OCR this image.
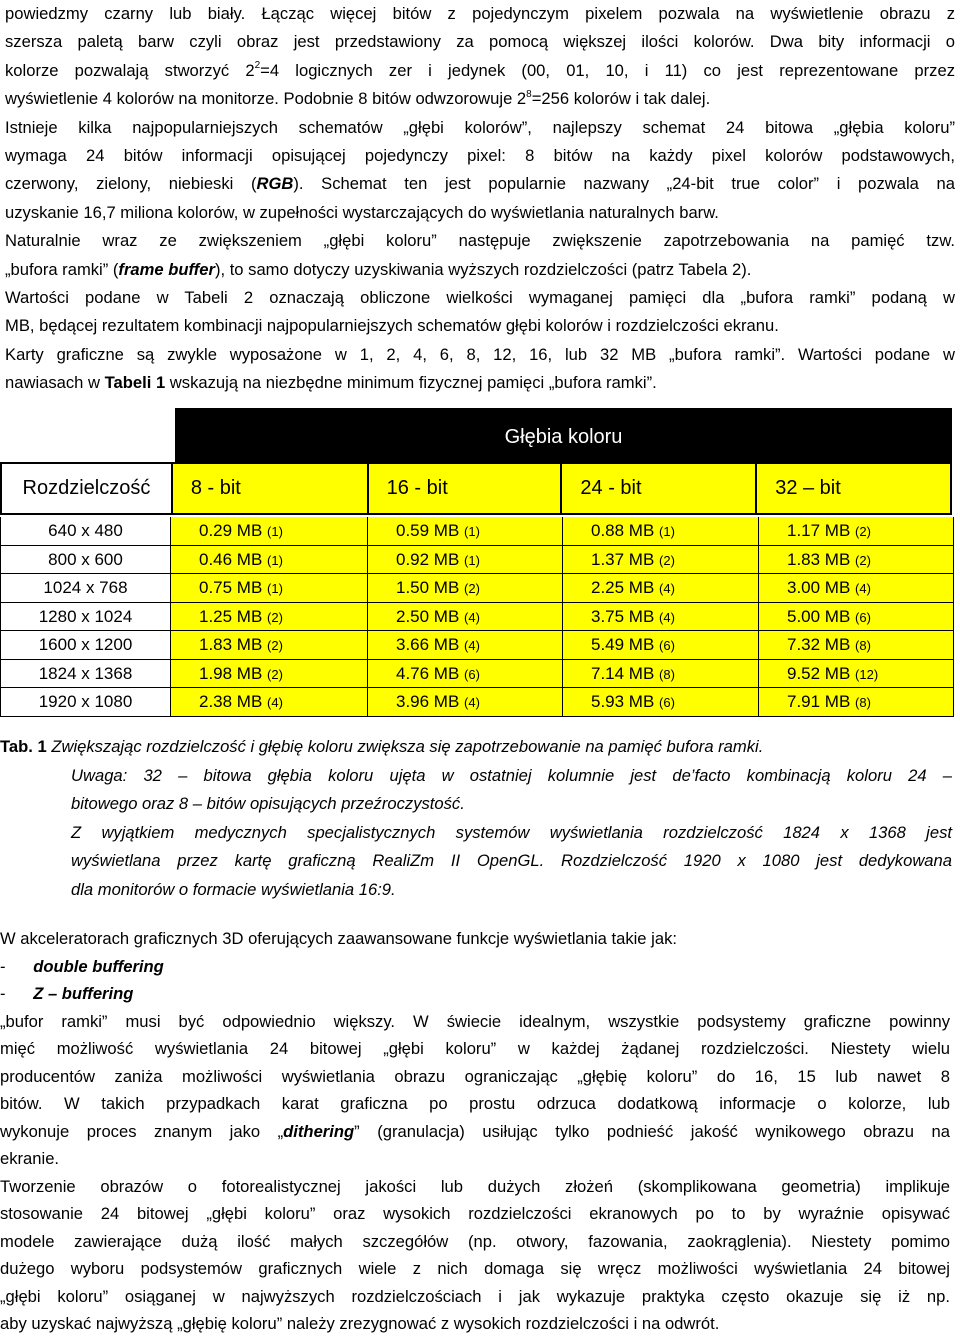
powiedzmy czarny lub biały. Łącząc więcej bitów z pojedynczym pixelem pozwala na wyświetlenie obrazu z
szersza paletą barw czyli obraz jest przedstawiony za pomocą większej ilości kolorów. Dwa bity informacji o
kolorze pozwalają stworzyć $2^2=4$ logicznych zer i jedynek (00, 01, 10, i 11) co jest reprezentowane przez
wyświetlenie 4 kolorów na monitorze. Podobnie 8 bitów odwzorowuje $2^8=256$ kolorów i tak dalej.

Istnieje kilka najpopularniejszych schematów „głębi kolorów”, najlepszy schemat 24 bitowa „głębia koloru”
wymaga 24 bitów informacji opisującej pojedynczy pixel: 8 bitów na każdy pixel kolorów podstawowych,
czerwony, zielony, niebieski (RGB). Schemat ten jest popularnie nazwany „24-bit true color” i pozwala na
uzyskanie 16,7 miliona kolorów, w zupełności wystarczających do wyświetlania naturalnych barw.

Naturalnie wraz ze zwiększeniem „głębi koloru” następuje zwiększenie zapotrzebowania na pamięć tzw.
„bufora ramki” (frame buffer), to samo dotyczy uzyskiwania wyższych rozdzielczości (patrz Tabela 2).

Wartości podane w Tabeli 2 oznaczają obliczone wielkości wymaganej pamięci dla „bufora ramki” podaną w
MB, będącej rezultatem kombinacji najpopularniejszych schematów głębi kolorów i rozdzielczości ekranu.

Karty graficzne są zwykle wyposażone w 1, 2, 4, 6, 8, 12, 16, lub 32 MB „bufora ramki”. Wartości podane w
nawiasach w Tabeli 1 wskazują na niezbędne minimum fizycznej pamięci „bufora ramki”.

Głębia koloru
Rozdzielczość	8 - bit	16 - bit	24 - bit	32 – bit
640 x 480	0.29 MB (1)	0.59 MB (1)	0.88 MB (1)	1.17 MB (2)
800 x 600	0.46 MB (1)	0.92 MB (1)	1.37 MB (2)	1.83 MB (2)
1024 x 768	0.75 MB (1)	1.50 MB (2)	2.25 MB (4)	3.00 MB (4)
1280 x 1024	1.25 MB (2)	2.50 MB (4)	3.75 MB (4)	5.00 MB (6)
1600 x 1200	1.83 MB (2)	3.66 MB (4)	5.49 MB (6)	7.32 MB (8)
1824 x 1368	1.98 MB (2)	4.76 MB (6)	7.14 MB (8)	9.52 MB (12)
1920 x 1080	2.38 MB (4)	3.96 MB (4)	5.93 MB (6)	7.91 MB (8)

Tab. 1 Zwiększając rozdzielczość i głębię koloru zwiększa się zapotrzebowanie na pamięć bufora ramki.

Uwaga: 32 – bitowa głębia koloru ujęta w ostatniej kolumnie jest de’facto kombinacją koloru 24 –
bitowego oraz 8 – bitów opisujących przeźroczystość.
Z wyjątkiem medycznych specjalistycznych systemów wyświetlania rozdzielczość 1824 x 1368 jest
wyświetlana przez kartę graficzną RealiZm II OpenGL. Rozdzielczość 1920 x 1080 jest dedykowana
dla monitorów o formacie wyświetlania 16:9.

W akceleratorach graficznych 3D oferujących zaawansowane funkcje wyświetlania takie jak:

- double buffering

- Z – buffering

„bufor ramki” musi być odpowiednio większy. W świecie idealnym, wszystkie podsystemy graficzne powinny
mięć możliwość wyświetlania 24 bitowej „głębi koloru” w każdej żądanej rozdzielczości. Niestety wielu
producentów zaniża możliwości wyświetlania obrazu ograniczając „głębię koloru” do 16, 15 lub nawet 8
bitów. W takich przypadkach karat graficzna po prostu odrzuca dodatkową informacje o kolorze, lub
wykonuje proces znanym jako „dithering” (granulacja) usiłując tylko podnieść jakość wynikowego obrazu na
ekranie.

Tworzenie obrazów o fotorealistycznej jakości lub dużych złożeń (skomplikowana geometria) implikuje
stosowanie 24 bitowej „głębi koloru” oraz wysokich rozdzielczości ekranowych po to by wyraźnie opisywać
modele zawierające dużą ilość małych szczegółów (np. otwory, fazowania, zaokrąglenia). Niestety pomimo
dużego wyboru podsystemów graficznych wiele z nich domaga się wręcz możliwości wyświetlania 24 bitowej
„głębi koloru” osiąganej w najwyższych rozdzielczościach i jak wykazuje praktyka często okazuje się iż np.
aby uzyskać najwyższą „głębię koloru” należy zrezygnować z wysokich rozdzielczości i na odwrót.
